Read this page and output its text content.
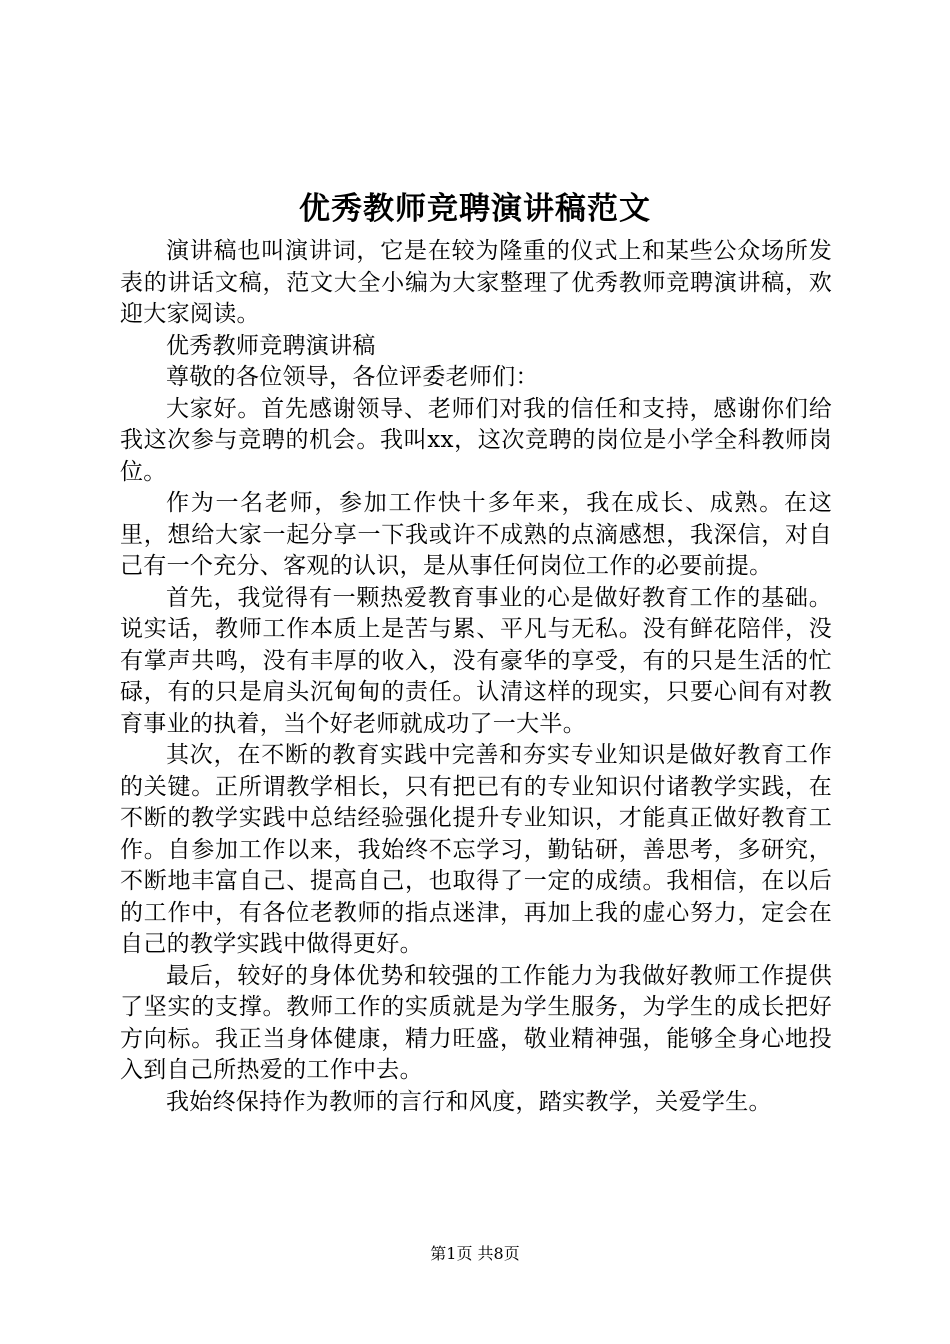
优秀教师竞聘演讲稿范文

演讲稿也叫演讲词，它是在较为隆重的仪式上和某些公众场所发表的讲话文稿，范文大全小编为大家整理了优秀教师竞聘演讲稿，欢迎大家阅读。

优秀教师竞聘演讲稿

尊敬的各位领导，各位评委老师们：

大家好。首先感谢领导、老师们对我的信任和支持，感谢你们给我这次参与竞聘的机会。我叫xx，这次竞聘的岗位是小学全科教师岗位。

作为一名老师，参加工作快十多年来，我在成长、成熟。在这里，想给大家一起分享一下我或许不成熟的点滴感想，我深信，对自己有一个充分、客观的认识，是从事任何岗位工作的必要前提。

首先，我觉得有一颗热爱教育事业的心是做好教育工作的基础。说实话，教师工作本质上是苦与累、平凡与无私。没有鲜花陪伴，没有掌声共鸣，没有丰厚的收入，没有豪华的享受，有的只是生活的忙碌，有的只是肩头沉甸甸的责任。认清这样的现实，只要心间有对教育事业的执着，当个好老师就成功了一大半。

其次，在不断的教育实践中完善和夯实专业知识是做好教育工作的关键。正所谓教学相长，只有把已有的专业知识付诸教学实践，在不断的教学实践中总结经验强化提升专业知识，才能真正做好教育工作。自参加工作以来，我始终不忘学习，勤钻研，善思考，多研究，不断地丰富自己、提高自己，也取得了一定的成绩。我相信，在以后的工作中，有各位老教师的指点迷津，再加上我的虚心努力，定会在自己的教学实践中做得更好。

最后，较好的身体优势和较强的工作能力为我做好教师工作提供了坚实的支撑。教师工作的实质就是为学生服务，为学生的成长把好方向标。我正当身体健康，精力旺盛，敬业精神强，能够全身心地投入到自己所热爱的工作中去。

我始终保持作为教师的言行和风度，踏实教学，关爱学生。

第1页 共8页
